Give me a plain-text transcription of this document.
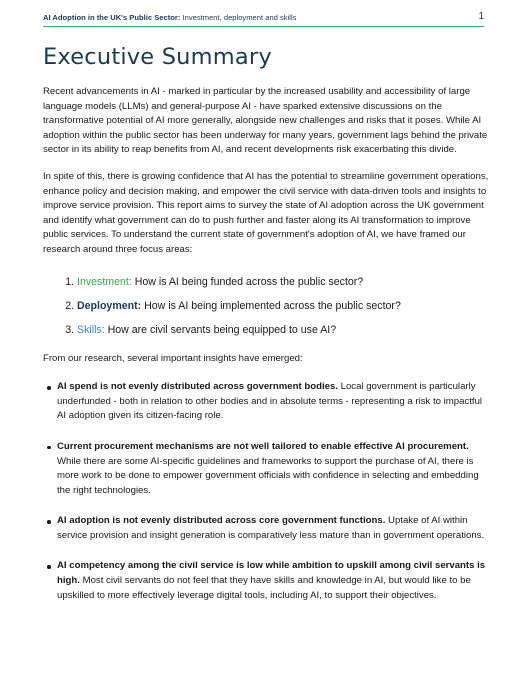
AI Adoption in the UK's Public Sector: Investment, deployment and skills	1
Executive Summary

Recent advancements in AI - marked in particular by the increased usability and accessibility of large language models (LLMs) and general-purpose AI - have sparked extensive discussions on the transformative potential of AI more generally, alongside new challenges and risks that it poses. While AI adoption within the public sector has been underway for many years, government lags behind the private sector in its ability to reap benefits from AI, and recent developments risk exacerbating this divide.

In spite of this, there is growing confidence that AI has the potential to streamline government operations, enhance policy and decision making, and empower the civil service with data-driven tools and insights to improve service provision. This report aims to survey the state of AI adoption across the UK government and identify what government can do to push further and faster along its AI transformation to improve public services. To understand the current state of government's adoption of AI, we have framed our research around three focus areas:

1. Investment: How is AI being funded across the public sector?
2. Deployment: How is AI being implemented across the public sector?
3. Skills: How are civil servants being equipped to use AI?

From our research, several important insights have emerged:

AI spend is not evenly distributed across government bodies. Local government is particularly underfunded - both in relation to other bodies and in absolute terms - representing a risk to impactful AI adoption given its citizen-facing role.
Current procurement mechanisms are not well tailored to enable effective AI procurement. While there are some AI-specific guidelines and frameworks to support the purchase of AI, there is more work to be done to empower government officials with confidence in selecting and embedding the right technologies.
AI adoption is not evenly distributed across core government functions. Uptake of AI within service provision and insight generation is comparatively less mature than in government operations.
AI competency among the civil service is low while ambition to upskill among civil servants is high. Most civil servants do not feel that they have skills and knowledge in AI, but would like to be upskilled to more effectively leverage digital tools, including AI, to support their objectives.
